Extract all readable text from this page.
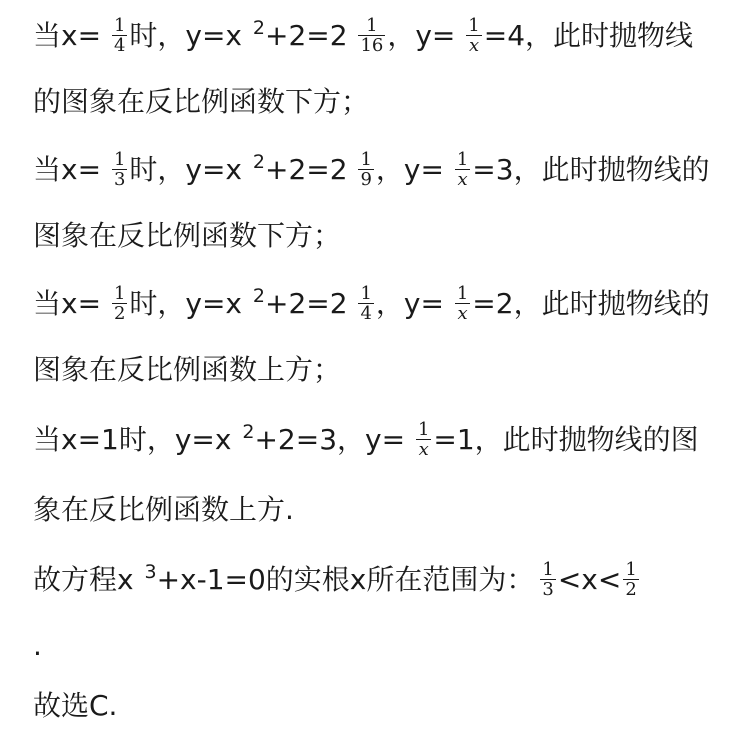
当$x= \frac{1}{4}$ 时，y=x $^2+2=2 \frac{1}{16}$ ，$y= \frac{1}{x} =4$，此时抛物线
的图象在反比例函数下方；
当$x= \frac{1}{3}$ 时，y=x $^2+2=2 \frac{1}{9}$ ，$y= \frac{1}{x} =3$，此时抛物线的
图象在反比例函数下方；
当$x= \frac{1}{2}$ 时，y=x $^2+2=2 \frac{1}{4}$ ，$y= \frac{1}{x} =2$，此时抛物线的
图象在反比例函数上方；
当x=1时，y=x $^2$+2=3，$y= \frac{1}{x} =1$，此时抛物线的图
象在反比例函数上方.
故方程x $^3$+x-1=0的实根x所在范围为： $\frac{1}{3} <x< \frac{1}{2}$
.
故选C.
